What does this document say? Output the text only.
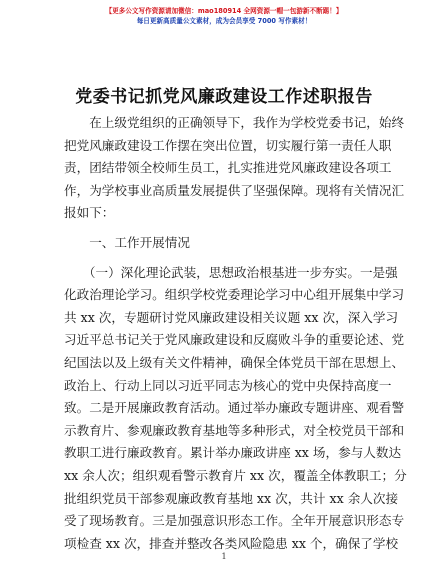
【更多公文写作资源请加微信：mao180914 全网资源一帽一包游新不断踢！】
每日更新高质量公文素材，成为会员享受 7000 写作素材！
党委书记抓党风廉政建设工作述职报告
　　在上级党组织的正确领导下，我作为学校党委书记，始终
把党风廉政建设工作摆在突出位置，切实履行第一责任人职
责，团结带领全校师生员工，扎实推进党风廉政建设各项工
作，为学校事业高质量发展提供了坚强保障。现将有关情况汇
报如下：
　　一、工作开展情况
　　（一）深化理论武装，思想政治根基进一步夯实。一是强
化政治理论学习。组织学校党委理论学习中心组开展集中学习
共 xx 次，专题研讨党风廉政建设相关议题 xx 次，深入学习
习近平总书记关于党风廉政建设和反腐败斗争的重要论述、党
纪国法以及上级有关文件精神，确保全体党员干部在思想上、
政治上、行动上同以习近平同志为核心的党中央保持高度一
致。二是开展廉政教育活动。通过举办廉政专题讲座、观看警
示教育片、参观廉政教育基地等多种形式，对全校党员干部和
教职工进行廉政教育。累计举办廉政讲座 xx 场，参与人数达
xx 余人次；组织观看警示教育片 xx 次，覆盖全体教职工；分
批组织党员干部参观廉政教育基地 xx 次，共计 xx 余人次接
受了现场教育。三是加强意识形态工作。全年开展意识形态专
项检查 xx 次，排查并整改各类风险隐患 xx 个，确保了学校
1
